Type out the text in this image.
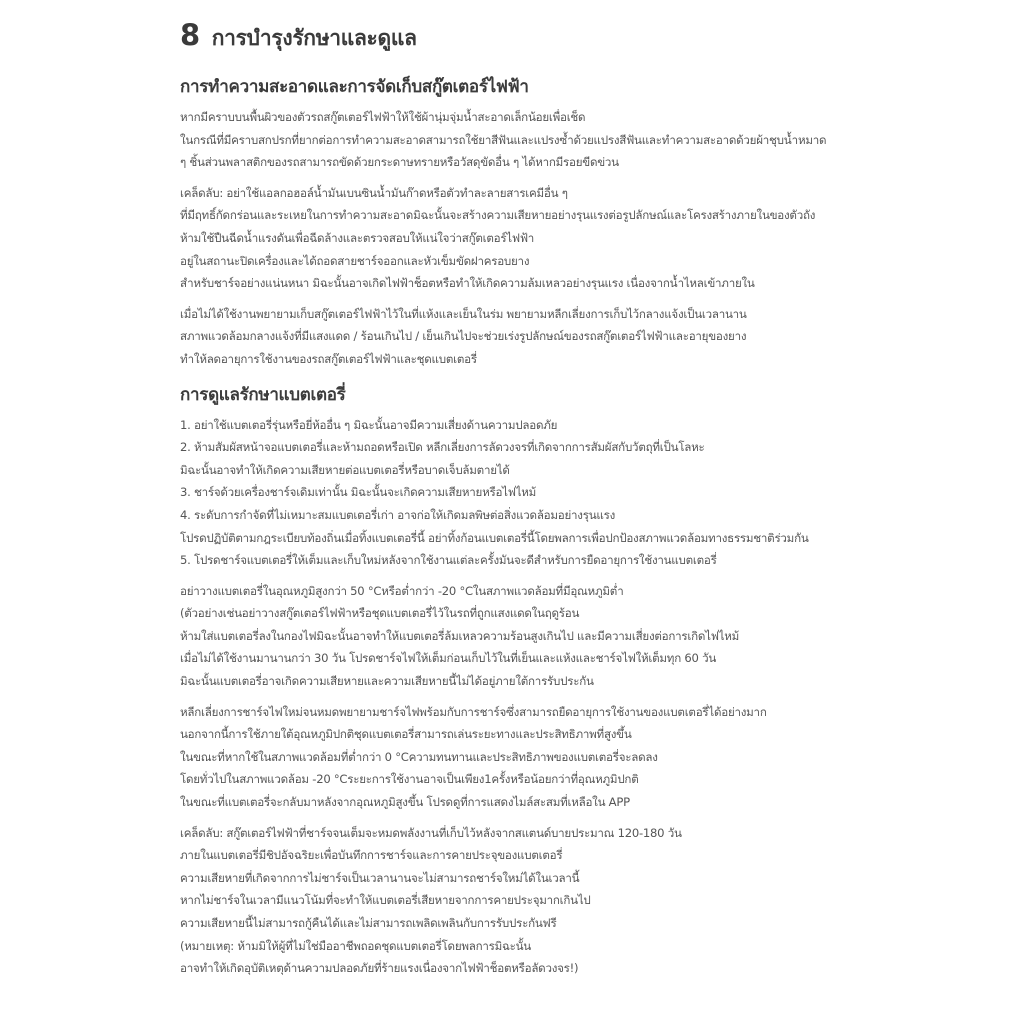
8 การบำรุงรักษาและดูแล
การทำความสะอาดและการจัดเก็บสกู๊ตเตอร์ไฟฟ้า
หากมีคราบบนพื้นผิวของตัวรถสกู๊ตเตอร์ไฟฟ้าให้ใช้ผ้านุ่มจุ่มน้ำสะอาดเล็กน้อยเพื่อเช็ด
ในกรณีที่มีคราบสกปรกที่ยากต่อการทำความสะอาดสามารถใช้ยาสีฟันและแปรงซ้ำด้วยแปรงสีฟันและทำความสะอาดด้วยผ้าชุบน้ำหมาด
ๆ ชิ้นส่วนพลาสติกของรถสามารถขัดด้วยกระดาษทรายหรือวัสดุขัดอื่น ๆ ได้หากมีรอยขีดข่วน
เคล็ดลับ: อย่าใช้แอลกอฮอล์น้ำมันเบนซินน้ำมันก๊าดหรือตัวทำละลายสารเคมีอื่น ๆ
ที่มีฤทธิ์กัดกร่อนและระเหยในการทำความสะอาดมิฉะนั้นจะสร้างความเสียหายอย่างรุนแรงต่อรูปลักษณ์และโครงสร้างภายในของตัวถัง
ห้ามใช้ปืนฉีดน้ำแรงดันเพื่อฉีดล้างและตรวจสอบให้แน่ใจว่าสกู๊ตเตอร์ไฟฟ้า
อยู่ในสถานะปิดเครื่องและได้ถอดสายชาร์จออกและหัวเข็มขัดฝาครอบยาง
สำหรับชาร์จอย่างแน่นหนา มิฉะนั้นอาจเกิดไฟฟ้าช็อตหรือทำให้เกิดความล้มเหลวอย่างรุนแรง เนื่องจากน้ำไหลเข้าภายใน
เมื่อไม่ได้ใช้งานพยายามเก็บสกู๊ตเตอร์ไฟฟ้าไว้ในที่แห้งและเย็นในร่ม พยายามหลีกเลี่ยงการเก็บไว้กลางแจ้งเป็นเวลานาน
สภาพแวดล้อมกลางแจ้งที่มีแสงแดด / ร้อนเกินไป / เย็นเกินไปจะช่วยเร่งรูปลักษณ์ของรถสกู๊ตเตอร์ไฟฟ้าและอายุของยาง
ทำให้ลดอายุการใช้งานของรถสกู๊ตเตอร์ไฟฟ้าและชุดแบตเตอรี่
การดูแลรักษาแบตเตอรี่
1. อย่าใช้แบตเตอรี่รุ่นหรือยี่ห้ออื่น ๆ มิฉะนั้นอาจมีความเสี่ยงด้านความปลอดภัย
2. ห้ามสัมผัสหน้าจอแบตเตอรี่และห้ามถอดหรือเปิด หลีกเลี่ยงการลัดวงจรที่เกิดจากการสัมผัสกับวัตถุที่เป็นโลหะ
มิฉะนั้นอาจทำให้เกิดความเสียหายต่อแบตเตอรี่หรือบาดเจ็บล้มตายได้
3. ชาร์จด้วยเครื่องชาร์จเดิมเท่านั้น มิฉะนั้นจะเกิดความเสียหายหรือไฟไหม้
4. ระดับการกำจัดที่ไม่เหมาะสมแบตเตอรี่เก่า อาจก่อให้เกิดมลพิษต่อสิ่งแวดล้อมอย่างรุนแรง
โปรดปฏิบัติตามกฎระเบียบท้องถิ่นเมื่อทิ้งแบตเตอรี่นี้ อย่าทิ้งก้อนแบตเตอรี่นี้โดยพลการเพื่อปกป้องสภาพแวดล้อมทางธรรมชาติร่วมกัน
5. โปรดชาร์จแบตเตอรี่ให้เต็มและเก็บใหม่หลังจากใช้งานแต่ละครั้งมันจะดีสำหรับการยืดอายุการใช้งานแบตเตอรี่
อย่าวางแบตเตอรี่ในอุณหภูมิสูงกว่า 50 °Cหรือต่ำกว่า -20 °Cในสภาพแวดล้อมที่มีอุณหภูมิต่ำ
(ตัวอย่างเช่นอย่าวางสกู๊ตเตอร์ไฟฟ้าหรือชุดแบตเตอรี่ไว้ในรถที่ถูกแสงแดดในฤดูร้อน
ห้ามใส่แบตเตอรี่ลงในกองไฟมิฉะนั้นอาจทำให้แบตเตอรี่ล้มเหลวความร้อนสูงเกินไป และมีความเสี่ยงต่อการเกิดไฟไหม้
เมื่อไม่ได้ใช้งานมานานกว่า 30 วัน โปรดชาร์จไฟให้เต็มก่อนเก็บไว้ในที่เย็นและแห้งและชาร์จไฟให้เต็มทุก 60 วัน
มิฉะนั้นแบตเตอรี่อาจเกิดความเสียหายและความเสียหายนี้ไม่ได้อยู่ภายใต้การรับประกัน
หลีกเลี่ยงการชาร์จไฟใหม่จนหมดพยายามชาร์จไฟพร้อมกับการชาร์จซึ่งสามารถยืดอายุการใช้งานของแบตเตอรี่ได้อย่างมาก
นอกจากนี้การใช้ภายใต้อุณหภูมิปกติชุดแบตเตอรี่สามารถเล่นระยะทางและประสิทธิภาพที่สูงขึ้น
ในขณะที่หากใช้ในสภาพแวดล้อมที่ต่ำกว่า 0 °Cความทนทานและประสิทธิภาพของแบตเตอรี่จะลดลง
โดยทั่วไปในสภาพแวดล้อม -20 °Cระยะการใช้งานอาจเป็นเพียง1ครั้งหรือน้อยกว่าที่อุณหภูมิปกติ
ในขณะที่แบตเตอรี่จะกลับมาหลังจากอุณหภูมิสูงขึ้น โปรดดูที่การแสดงไมล์สะสมที่เหลือใน APP
เคล็ดลับ: สกู๊ตเตอร์ไฟฟ้าที่ชาร์จจนเต็มจะหมดพลังงานที่เก็บไว้หลังจากสแตนด์บายประมาณ 120-180 วัน
ภายในแบตเตอรี่มีชิปอัจฉริยะเพื่อบันทึกการชาร์จและการคายประจุของแบตเตอรี่
ความเสียหายที่เกิดจากการไม่ชาร์จเป็นเวลานานจะไม่สามารถชาร์จใหม่ได้ในเวลานี้
หากไม่ชาร์จในเวลามีแนวโน้มที่จะทำให้แบตเตอรี่เสียหายจากการคายประจุมากเกินไป
ความเสียหายนี้ไม่สามารถกู้คืนได้และไม่สามารถเพลิดเพลินกับการรับประกันฟรี
(หมายเหตุ: ห้ามมิให้ผู้ที่ไม่ใช่มืออาชีพถอดชุดแบตเตอรี่โดยพลการมิฉะนั้น
อาจทำให้เกิดอุบัติเหตุด้านความปลอดภัยที่ร้ายแรงเนื่องจากไฟฟ้าช็อตหรือลัดวงจร!)
